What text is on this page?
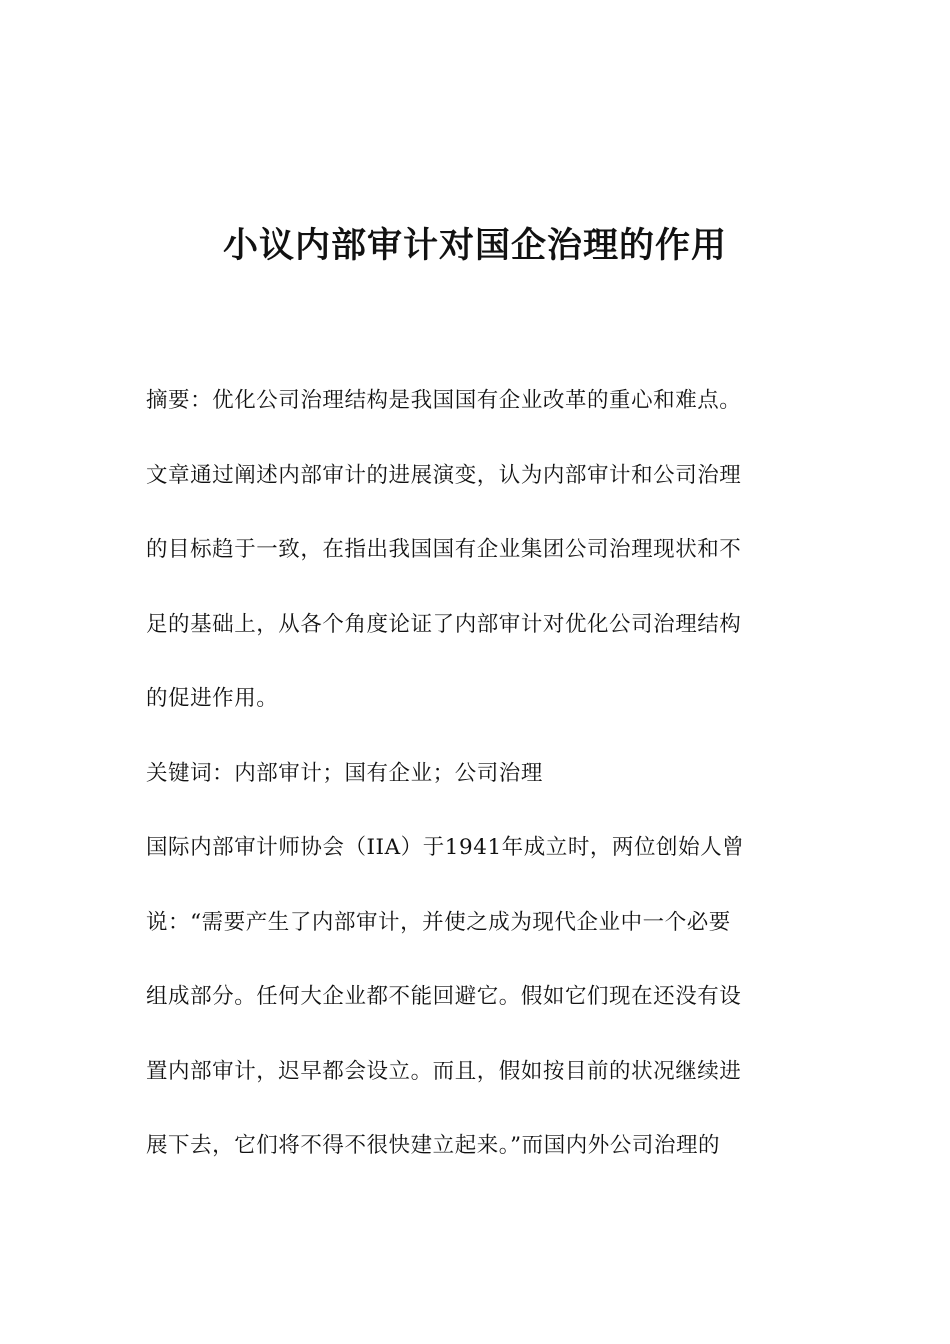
小议内部审计对国企治理的作用
摘要：优化公司治理结构是我国国有企业改革的重心和难点。
文章通过阐述内部审计的进展演变，认为内部审计和公司治理
的目标趋于一致，在指出我国国有企业集团公司治理现状和不
足的基础上，从各个角度论证了内部审计对优化公司治理结构
的促进作用。
关键词：内部审计；国有企业；公司治理
国际内部审计师协会（IIA）于1941年成立时，两位创始人曾
说：“需要产生了内部审计，并使之成为现代企业中一个必要
组成部分。任何大企业都不能回避它。假如它们现在还没有设
置内部审计，迟早都会设立。而且，假如按目前的状况继续进
展下去，它们将不得不很快建立起来。”而国内外公司治理的
